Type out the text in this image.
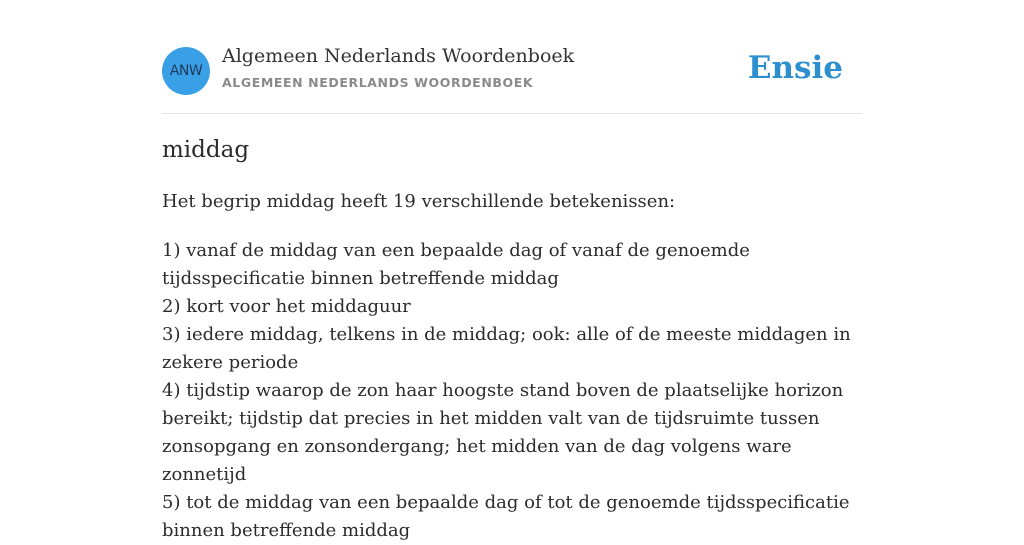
ANW
Algemeen Nederlands Woordenboek
ALGEMEEN NEDERLANDS WOORDENBOEK	Ensie
middag

Het begrip middag heeft 19 verschillende betekenissen:

1) vanaf de middag van een bepaalde dag of vanaf de genoemde tijdsspecificatie binnen betreffende middag
2) kort voor het middaguur
3) iedere middag, telkens in de middag; ook: alle of de meeste middagen in zekere periode
4) tijdstip waarop de zon haar hoogste stand boven de plaatselijke horizon bereikt; tijdstip dat precies in het midden valt van de tijdsruimte tussen zonsopgang en zonsondergang; het midden van de dag volgens ware zonnetijd
5) tot de middag van een bepaalde dag of tot de genoemde tijdsspecificatie binnen betreffende middag
